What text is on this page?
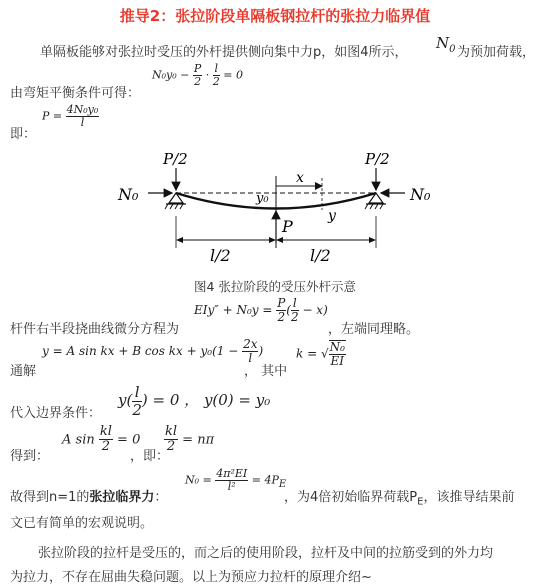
推导2：张拉阶段单隔板钢拉杆的张拉力临界值
单隔板能够对张拉时受压的外杆提供侧向集中力p，如图4所示，
$N_0$ 为预加荷载，
由弯矩平衡条件可得：
$N_0y_0 - \frac{P}{2} \cdot \frac{l}{2} = 0$
即：
$P = \frac{\text{4N₀y₀}}{l}$
P/2	P/2
N₀	N₀
P
y₀
x
y
l/2	l/2
图4 张拉阶段的受压外杆示意
杆件右半段挠曲线微分方程为
$EIy'' + N_0y = \frac{P}{2}$ ( $\frac{l}{2} - x$)
，左端同理略。
通解
y = A sin kx + B cos kx + $y_0(1 - \frac{2x}{l}$ )
， 其中
k = √ $\frac{\text{N₀}}{EI}$
代入边界条件：
$y( \frac{l}{2}$ ) = 0 ， y(0) = y₀
得到：
A $\sin \frac{kl}{2} = 0$
，即：
$\frac{kl}{2} = n\pi$
故得到n=1的张拉临界力：
$N_0 = \frac{\text{4π²EI}}{\text{l²}} = 4P_E$
，为4倍初始临界荷载$P_E$，该推导结果前
文已有简单的宏观说明。
张拉阶段的拉杆是受压的，而之后的使用阶段，拉杆及中间的拉筋受到的外力均
为拉力，不存在屈曲失稳问题。以上为预应力拉杆的原理介绍~
